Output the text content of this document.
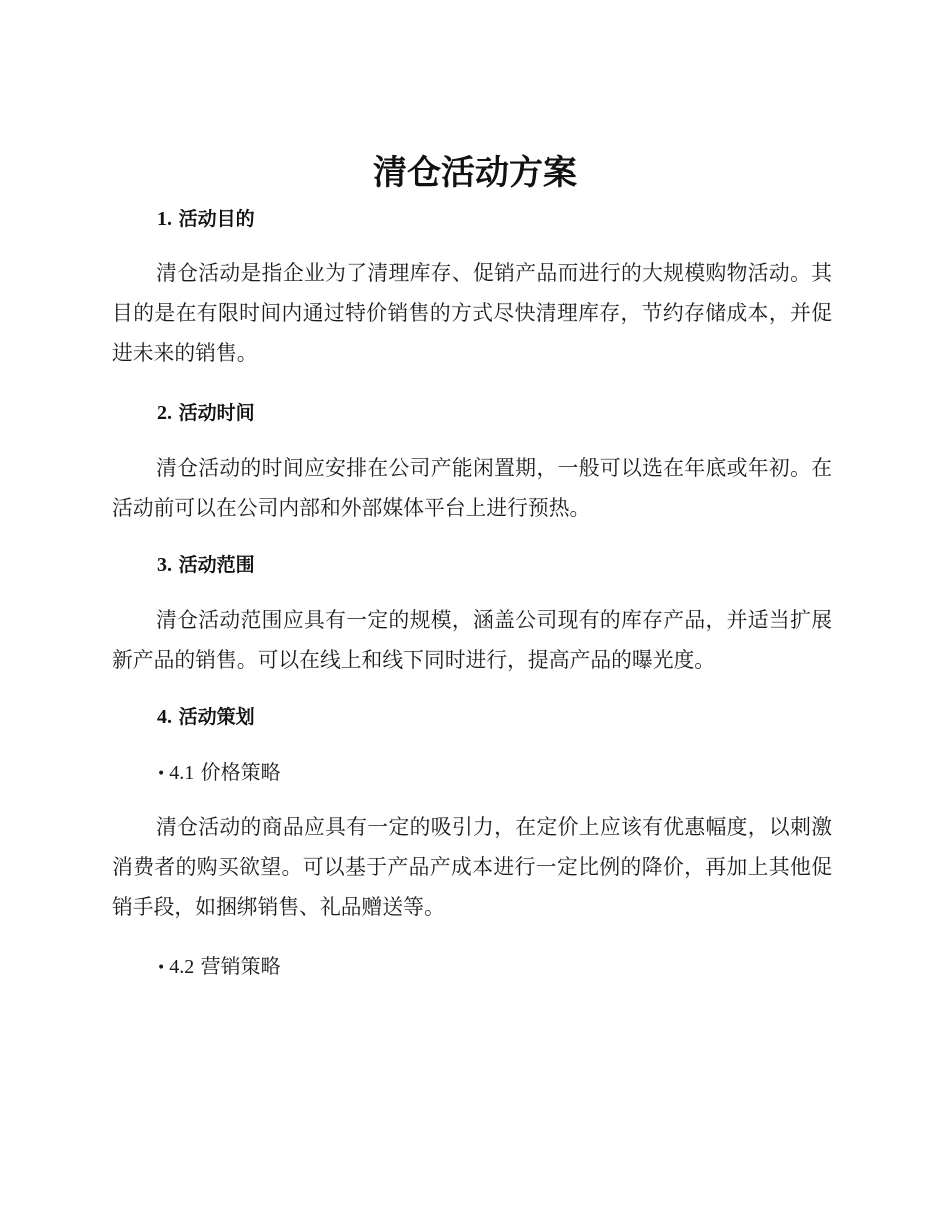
清仓活动方案
1. 活动目的
清仓活动是指企业为了清理库存、促销产品而进行的大规模购物活动。其目的是在有限时间内通过特价销售的方式尽快清理库存，节约存储成本，并促进未来的销售。
2. 活动时间
清仓活动的时间应安排在公司产能闲置期，一般可以选在年底或年初。在活动前可以在公司内部和外部媒体平台上进行预热。
3. 活动范围
清仓活动范围应具有一定的规模，涵盖公司现有的库存产品，并适当扩展新产品的销售。可以在线上和线下同时进行，提高产品的曝光度。
4. 活动策划
• 4.1 价格策略
清仓活动的商品应具有一定的吸引力，在定价上应该有优惠幅度，以刺激消费者的购买欲望。可以基于产品产成本进行一定比例的降价，再加上其他促销手段，如捆绑销售、礼品赠送等。
• 4.2 营销策略
